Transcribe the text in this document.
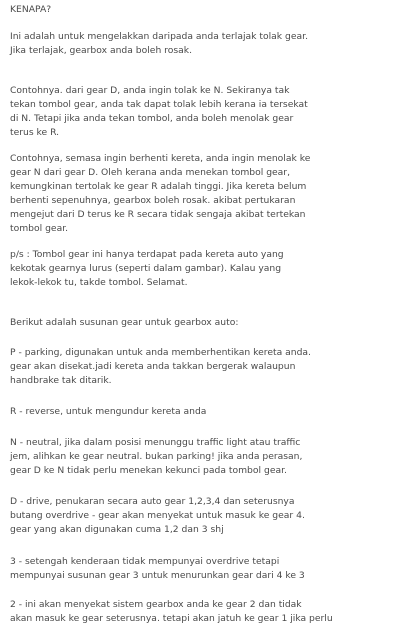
KENAPA?
Ini adalah untuk mengelakkan daripada anda terlajak tolak gear.
Jika terlajak, gearbox anda boleh rosak.
Contohnya. dari gear D, anda ingin tolak ke N. Sekiranya tak
tekan tombol gear, anda tak dapat tolak lebih kerana ia tersekat
di N. Tetapi jika anda tekan tombol, anda boleh menolak gear
terus ke R.
Contohnya, semasa ingin berhenti kereta, anda ingin menolak ke
gear N dari gear D. Oleh kerana anda menekan tombol gear,
kemungkinan tertolak ke gear R adalah tinggi. Jika kereta belum
berhenti sepenuhnya, gearbox boleh rosak. akibat pertukaran
mengejut dari D terus ke R secara tidak sengaja akibat tertekan
tombol gear.
p/s : Tombol gear ini hanya terdapat pada kereta auto yang
kekotak gearnya lurus (seperti dalam gambar). Kalau yang
lekok-lekok tu, takde tombol. Selamat.
Berikut adalah susunan gear untuk gearbox auto:
P - parking, digunakan untuk anda memberhentikan kereta anda.
gear akan disekat.jadi kereta anda takkan bergerak walaupun
handbrake tak ditarik.
R - reverse, untuk mengundur kereta anda
N - neutral, jika dalam posisi menunggu traffic light atau traffic
jem, alihkan ke gear neutral. bukan parking! jika anda perasan,
gear D ke N tidak perlu menekan kekunci pada tombol gear.
D - drive, penukaran secara auto gear 1,2,3,4 dan seterusnya
butang overdrive - gear akan menyekat untuk masuk ke gear 4.
gear yang akan digunakan cuma 1,2 dan 3 shj
3 - setengah kenderaan tidak mempunyai overdrive tetapi
mempunyai susunan gear 3 untuk menurunkan gear dari 4 ke 3
2 - ini akan menyekat sistem gearbox anda ke gear 2 dan tidak
akan masuk ke gear seterusnya. tetapi akan jatuh ke gear 1 jika perlu
